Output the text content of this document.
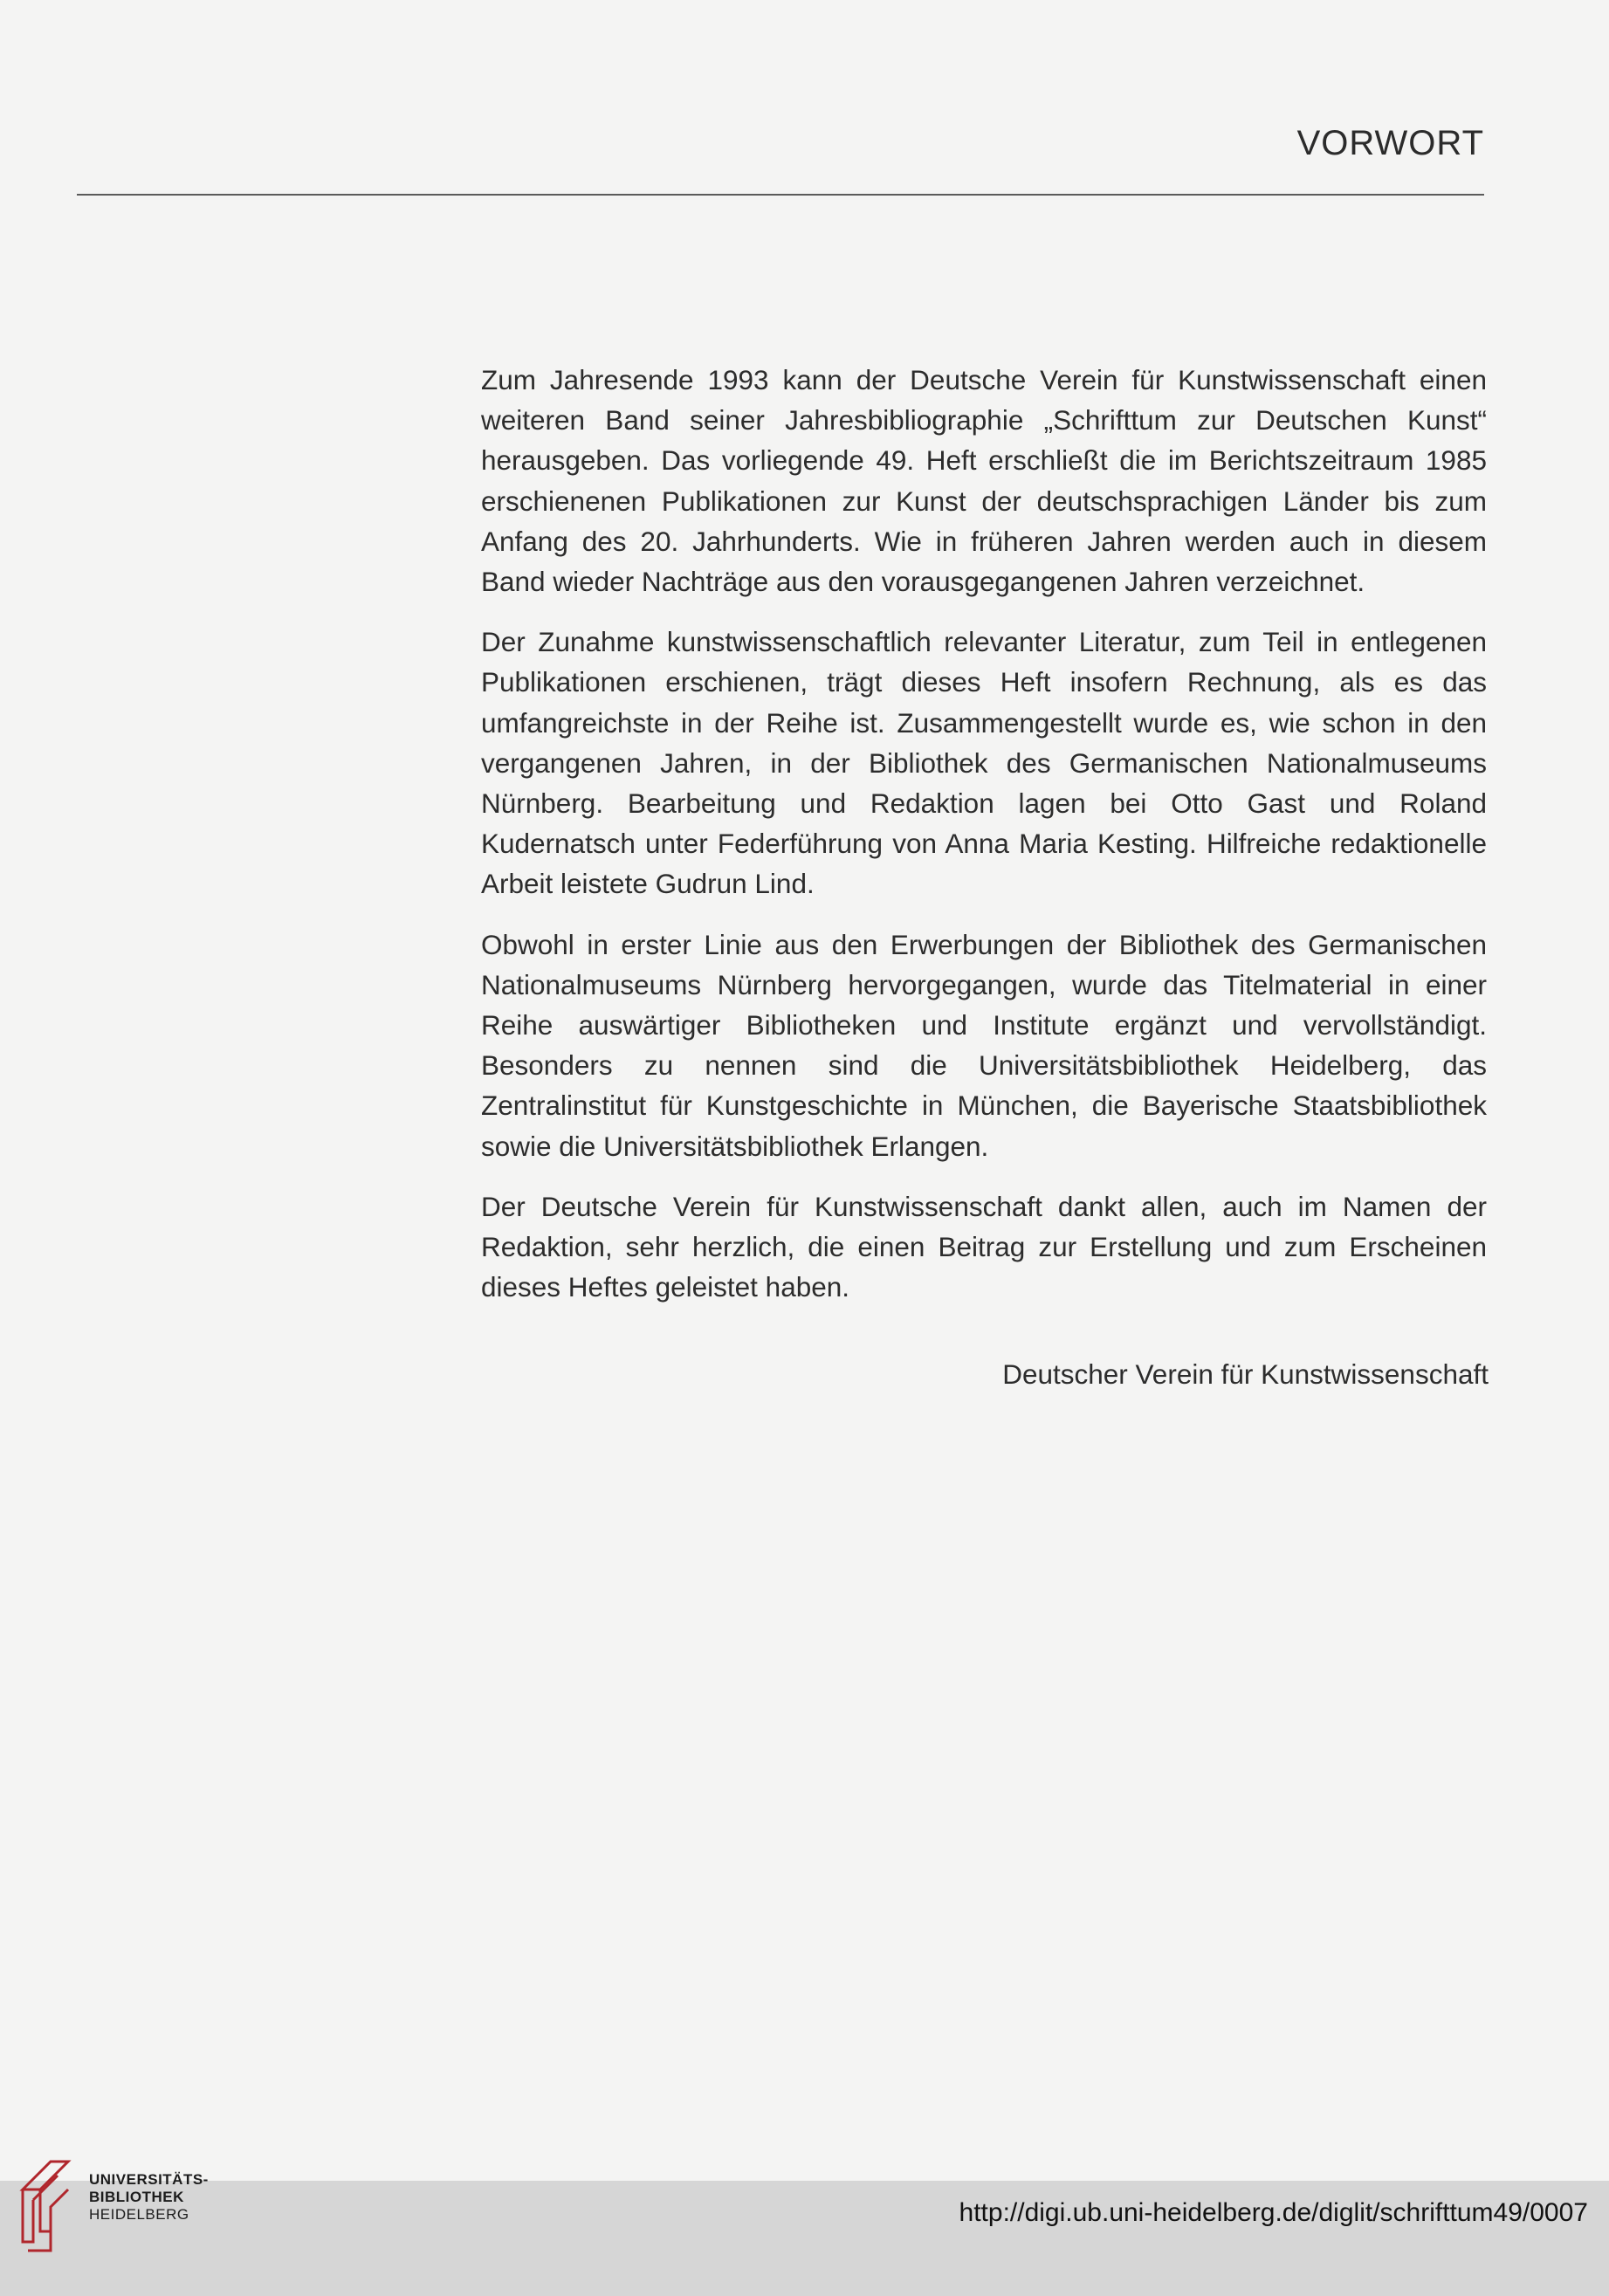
VORWORT

Zum Jahresende 1993 kann der Deutsche Verein für Kunstwissenschaft einen weiteren Band seiner Jahresbibliographie „Schrifttum zur Deutschen Kunst“ herausgeben. Das vorliegende 49. Heft erschließt die im Berichtszeitraum 1985 erschienenen Publikationen zur Kunst der deutschsprachigen Länder bis zum Anfang des 20. Jahrhunderts. Wie in früheren Jahren werden auch in diesem Band wieder Nachträge aus den vorausgegangenen Jahren verzeichnet.

Der Zunahme kunstwissenschaftlich relevanter Literatur, zum Teil in entlegenen Publikationen erschienen, trägt dieses Heft insofern Rechnung, als es das umfangreichste in der Reihe ist. Zusammengestellt wurde es, wie schon in den vergangenen Jahren, in der Bibliothek des Germanischen Nationalmuseums Nürnberg. Bearbeitung und Redaktion lagen bei Otto Gast und Roland Kudernatsch unter Federführung von Anna Maria Kesting. Hilfreiche redaktionelle Arbeit leistete Gudrun Lind.

Obwohl in erster Linie aus den Erwerbungen der Bibliothek des Germanischen Nationalmuseums Nürnberg hervorgegangen, wurde das Titelmaterial in einer Reihe auswärtiger Bibliotheken und Institute ergänzt und vervollständigt. Besonders zu nennen sind die Universitätsbibliothek Heidelberg, das Zentralinstitut für Kunstgeschichte in München, die Bayerische Staatsbibliothek sowie die Universitätsbibliothek Erlangen.

Der Deutsche Verein für Kunstwissenschaft dankt allen, auch im Namen der Redaktion, sehr herzlich, die einen Beitrag zur Erstellung und zum Erscheinen dieses Heftes geleistet haben.

Deutscher Verein für Kunstwissenschaft
UNIVERSITÄTS-
BIBLIOTHEK
HEIDELBERG	http://digi.ub.uni-heidelberg.de/diglit/schrifttum49/0007
